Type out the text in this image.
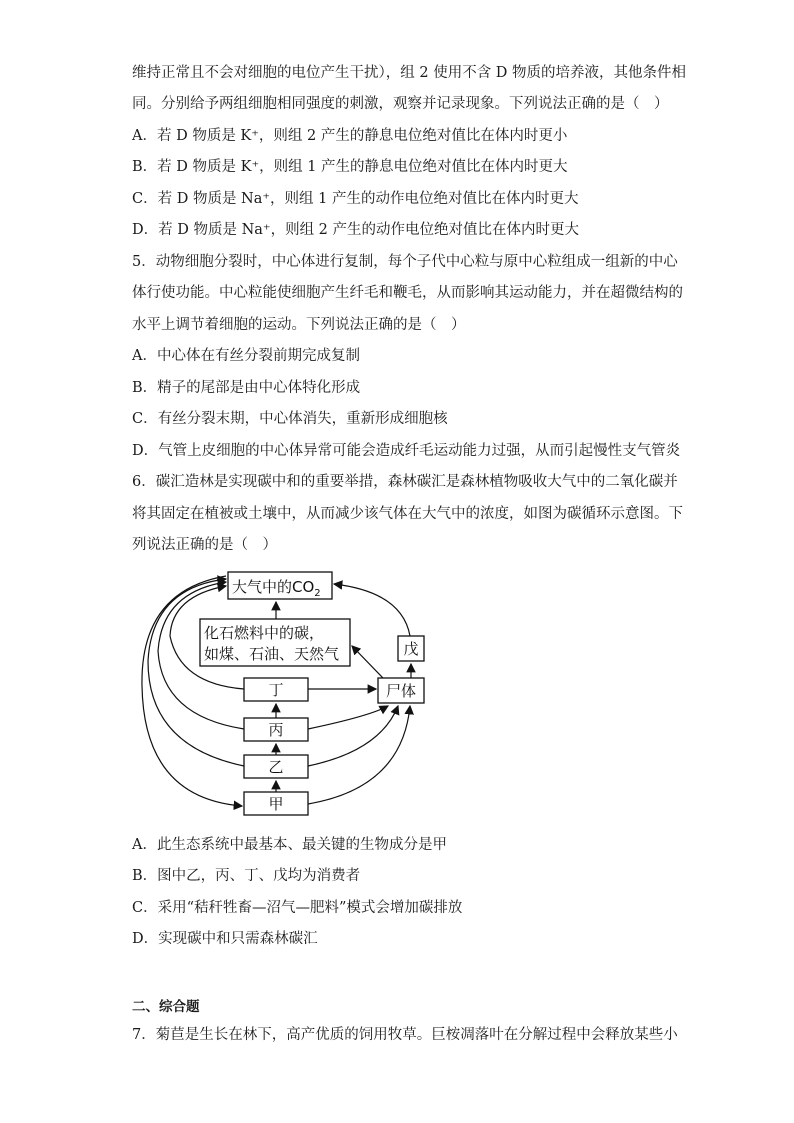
维持正常且不会对细胞的电位产生干扰），组 2 使用不含 D 物质的培养液，其他条件相
同。分别给予两组细胞相同强度的刺激，观察并记录现象。下列说法正确的是（　）
A．若 D 物质是 K⁺，则组 2 产生的静息电位绝对值比在体内时更小
B．若 D 物质是 K⁺，则组 1 产生的静息电位绝对值比在体内时更大
C．若 D 物质是 Na⁺，则组 1 产生的动作电位绝对值比在体内时更大
D．若 D 物质是 Na⁺，则组 2 产生的动作电位绝对值比在体内时更大
5．动物细胞分裂时，中心体进行复制，每个子代中心粒与原中心粒组成一组新的中心
体行使功能。中心粒能使细胞产生纤毛和鞭毛，从而影响其运动能力，并在超微结构的
水平上调节着细胞的运动。下列说法正确的是（　）
A．中心体在有丝分裂前期完成复制
B．精子的尾部是由中心体特化形成
C．有丝分裂末期，中心体消失，重新形成细胞核
D．气管上皮细胞的中心体异常可能会造成纤毛运动能力过强，从而引起慢性支气管炎
6．碳汇造林是实现碳中和的重要举措，森林碳汇是森林植物吸收大气中的二氧化碳并
将其固定在植被或土壤中，从而减少该气体在大气中的浓度，如图为碳循环示意图。下
列说法正确的是（　）
大气中的$CO_2$
化石燃料中的碳，
如煤、石油、天然气	戊
丁	尸体
丙
乙
甲
A．此生态系统中最基本、最关键的生物成分是甲
B．图中乙，丙、丁、戊均为消费者
C．采用“秸秆牲畜—沼气—肥料”模式会增加碳排放
D．实现碳中和只需森林碳汇
二、综合题
7．菊苣是生长在林下，高产优质的饲用牧草。巨桉凋落叶在分解过程中会释放某些小
